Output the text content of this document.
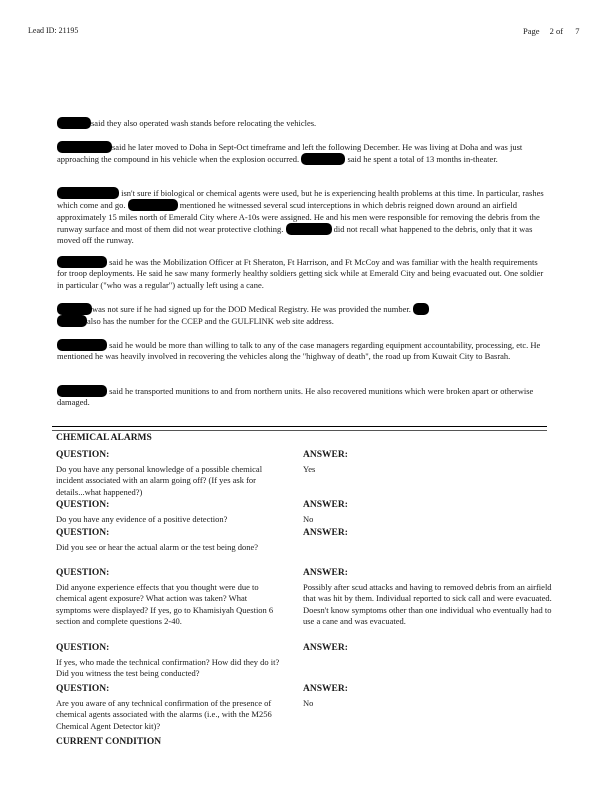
Lead ID: 21195	Page 2 of 7

said they also operated wash stands before relocating the vehicles.

said he later moved to Doha in Sept-Oct timeframe and left the following December. He was living at Doha and was just approaching the compound in his vehicle when the explosion occurred.	said he spent a total of 13 months in-theater.

isn't sure if biological or chemical agents were used, but he is experiencing health problems at this time. In particular, rashes which come and go.	mentioned he witnessed several scud interceptions in which debris reigned down around an airfield approximately 15 miles north of Emerald City where A-10s were assigned. He and his men were responsible for removing the debris from the runway surface and most of them did not wear protective clothing.	did not recall what happened to the debris, only that it was moved off the runway.

said he was the Mobilization Officer at Ft Sheraton, Ft Harrison, and Ft McCoy and was familiar with the health requirements for troop deployments. He said he saw many formerly healthy soldiers getting sick while at Emerald City and being evacuated out. One soldier in particular ("who was a regular") actually left using a cane.

was not sure if he had signed up for the DOD Medical Registry. He was provided the number.
also has the number for the CCEP and the GULFLINK web site address.

said he would be more than willing to talk to any of the case managers regarding equipment accountability, processing, etc. He mentioned he was heavily involved in recovering the vehicles along the "highway of death", the road up from Kuwait City to Basrah.

said he transported munitions to and from northern units. He also recovered munitions which were broken apart or otherwise damaged.

CHEMICAL ALARMS
QUESTION:
Do you have any personal knowledge of a possible chemical incident associated with an alarm going off? (If yes ask for details...what happened?)
ANSWER:
Yes
QUESTION:
Do you have any evidence of a positive detection?
ANSWER:
No
QUESTION:
Did you see or hear the actual alarm or the test being done?
ANSWER:
QUESTION:
Did anyone experience effects that you thought were due to chemical agent exposure? What action was taken? What symptoms were displayed? If yes, go to Khamisiyah Question 6 section and complete questions 2-40.
ANSWER:
Possibly after scud attacks and having to removed debris from an airfield that was hit by them. Individual reported to sick call and were evacuated. Doesn't know symptoms other than one individual who eventually had to use a cane and was evacuated.
QUESTION:
If yes, who made the technical confirmation? How did they do it? Did you witness the test being conducted?
ANSWER:
QUESTION:
Are you aware of any technical confirmation of the presence of chemical agents associated with the alarms (i.e., with the M256 Chemical Agent Detector kit)?
ANSWER:
No
CURRENT CONDITION
